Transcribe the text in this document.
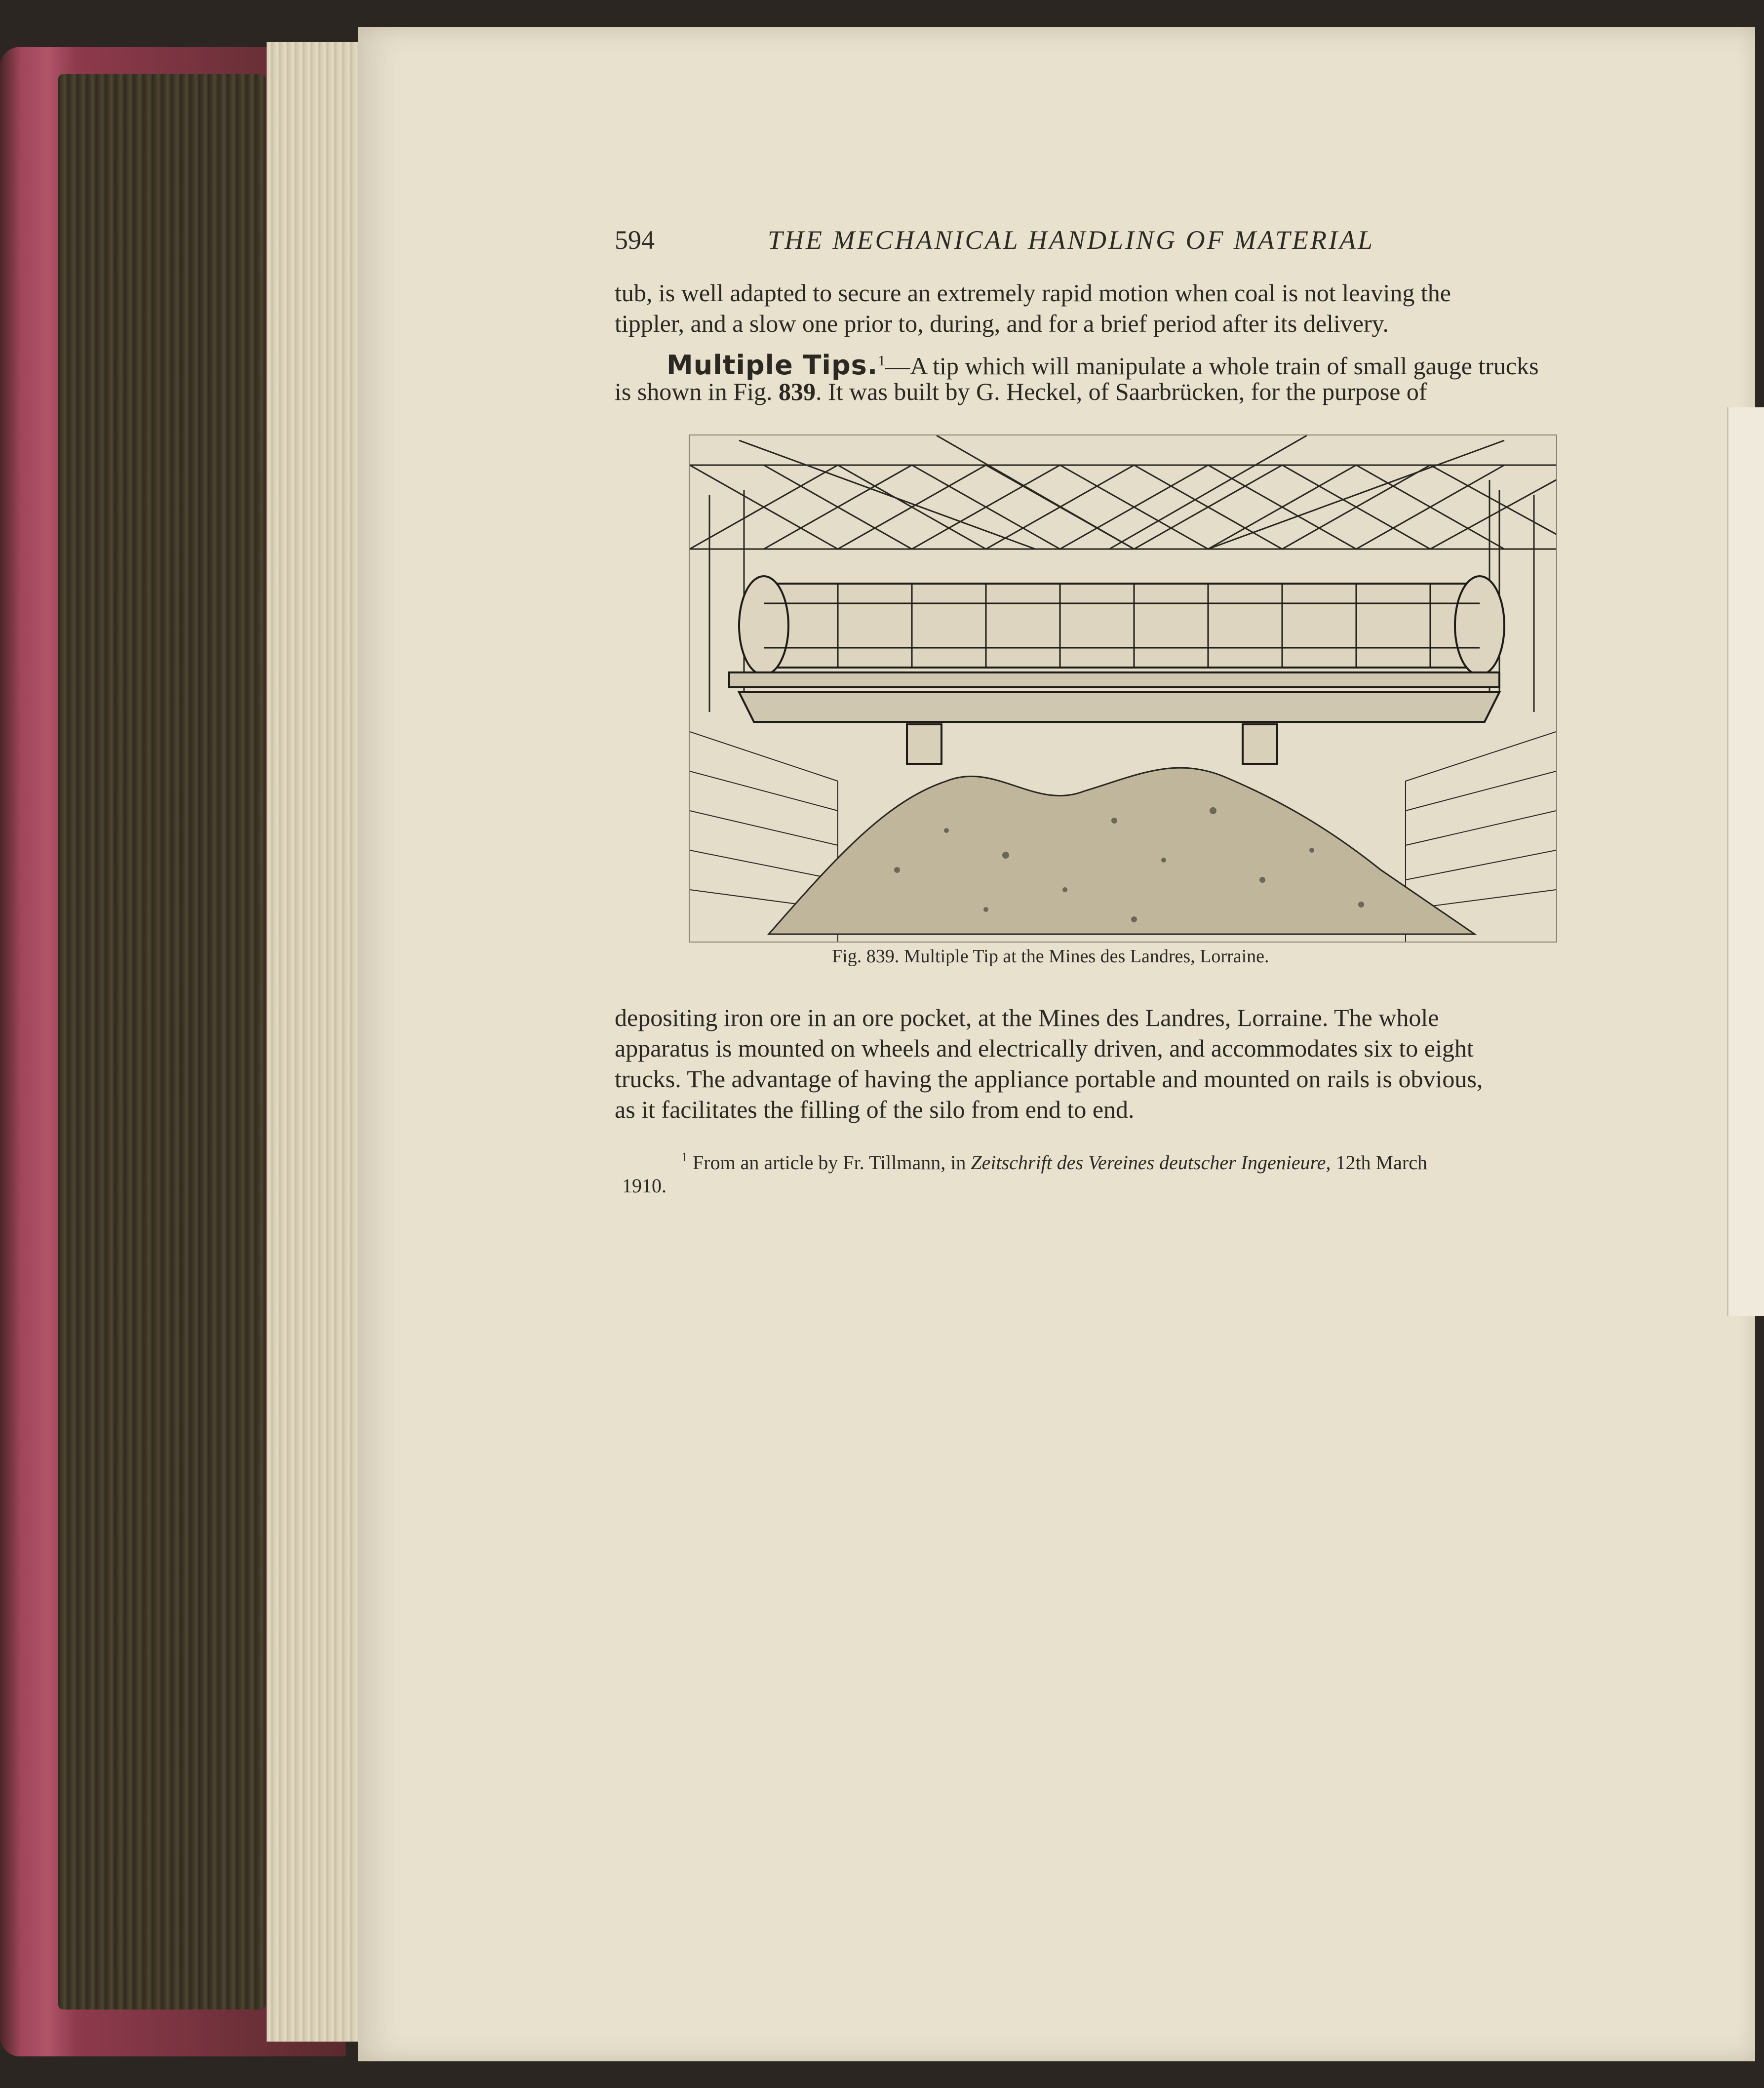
594	THE MECHANICAL HANDLING OF MATERIAL
tub, is well adapted to secure an extremely rapid motion when coal is not leaving the
tippler, and a slow one prior to, during, and for a brief period after its delivery.
Multiple Tips.$^1$—A tip which will manipulate a whole train of small gauge trucks
is shown in Fig. 839. It was built by G. Heckel, of Saarbrücken, for the purpose of
Fig. 839. Multiple Tip at the Mines des Landres, Lorraine.
depositing iron ore in an ore pocket, at the Mines des Landres, Lorraine. The whole
apparatus is mounted on wheels and electrically driven, and accommodates six to eight
trucks. The advantage of having the appliance portable and mounted on rails is obvious,
as it facilitates the filling of the silo from end to end.
$^1$ From an article by Fr. Tillmann, in Zeitschrift des Vereines deutscher Ingenieure, 12th March
1910.
